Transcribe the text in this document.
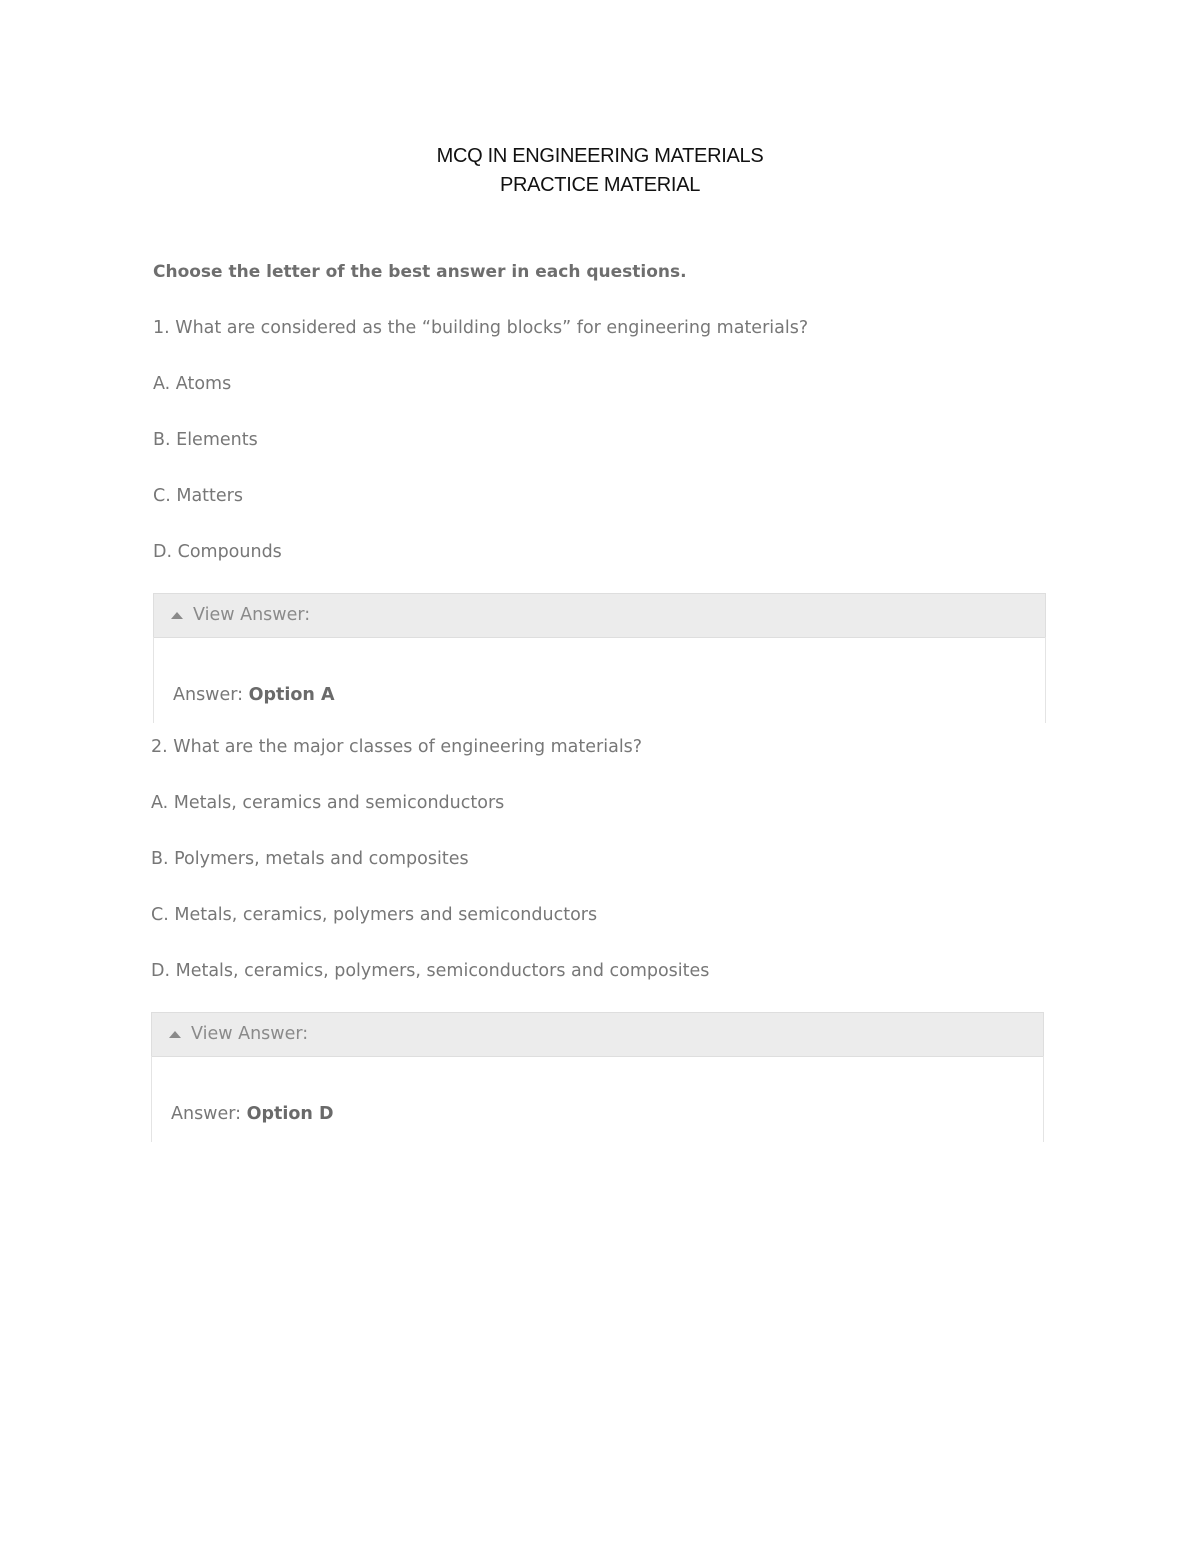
MCQ IN ENGINEERING MATERIALS
PRACTICE MATERIAL
Choose the letter of the best answer in each questions.
1. What are considered as the “building blocks” for engineering materials?
A. Atoms
B. Elements
C. Matters
D. Compounds
View Answer:
Answer: Option A
2. What are the major classes of engineering materials?
A. Metals, ceramics and semiconductors
B. Polymers, metals and composites
C. Metals, ceramics, polymers and semiconductors
D. Metals, ceramics, polymers, semiconductors and composites
View Answer:
Answer: Option D
